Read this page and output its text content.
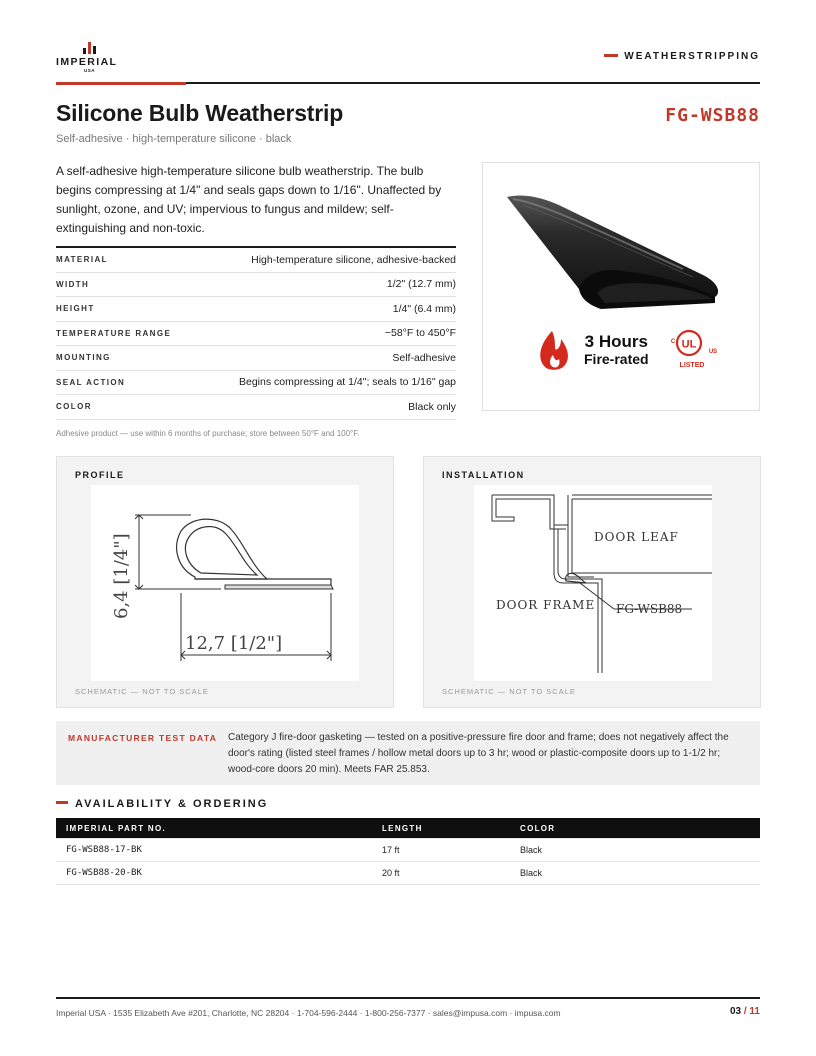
IMPERIAL
USA
WEATHERSTRIPPING
Silicone Bulb Weatherstrip	FG-WSB88
Self-adhesive · high-temperature silicone · black
A self-adhesive high-temperature silicone bulb weatherstrip. The bulb begins compressing at 1/4" and seals gaps down to 1/16". Unaffected by sunlight, ozone, and UV; impervious to fungus and mildew; self-extinguishing and non-toxic.
MATERIAL	High-temperature silicone, adhesive-backed
WIDTH	1/2" (12.7 mm)
HEIGHT	1/4" (6.4 mm)
TEMPERATURE RANGE	−58°F to 450°F
MOUNTING	Self-adhesive
SEAL ACTION	Begins compressing at 1/4"; seals to 1/16" gap
COLOR	Black only
Adhesive product — use within 6 months of purchase; store between 50°F and 100°F.
UL
C
US
LISTED
3 Hours
Fire-rated
PROFILE
6,4 [1/4"]
12,7 [1/2"]
SCHEMATIC — NOT TO SCALE
INSTALLATION
DOOR LEAF
DOOR FRAME FG-WSB88
SCHEMATIC — NOT TO SCALE
MANUFACTURER TEST DATA Category J fire-door gasketing — tested on a positive-pressure fire door and frame; does not negatively affect the door's rating (listed steel frames / hollow metal doors up to 3 hr; wood or plastic-composite doors up to 1-1/2 hr; wood-core doors 20 min). Meets FAR 25.853.
AVAILABILITY & ORDERING
IMPERIAL PART NO.	LENGTH	COLOR
FG-WSB88-17-BK	17 ft	Black
FG-WSB88-20-BK	20 ft	Black
Imperial USA · 1535 Elizabeth Ave #201, Charlotte, NC 28204 · 1-704-596-2444 · 1-800-256-7377 · sales@impusa.com · impusa.com	03 / 11
